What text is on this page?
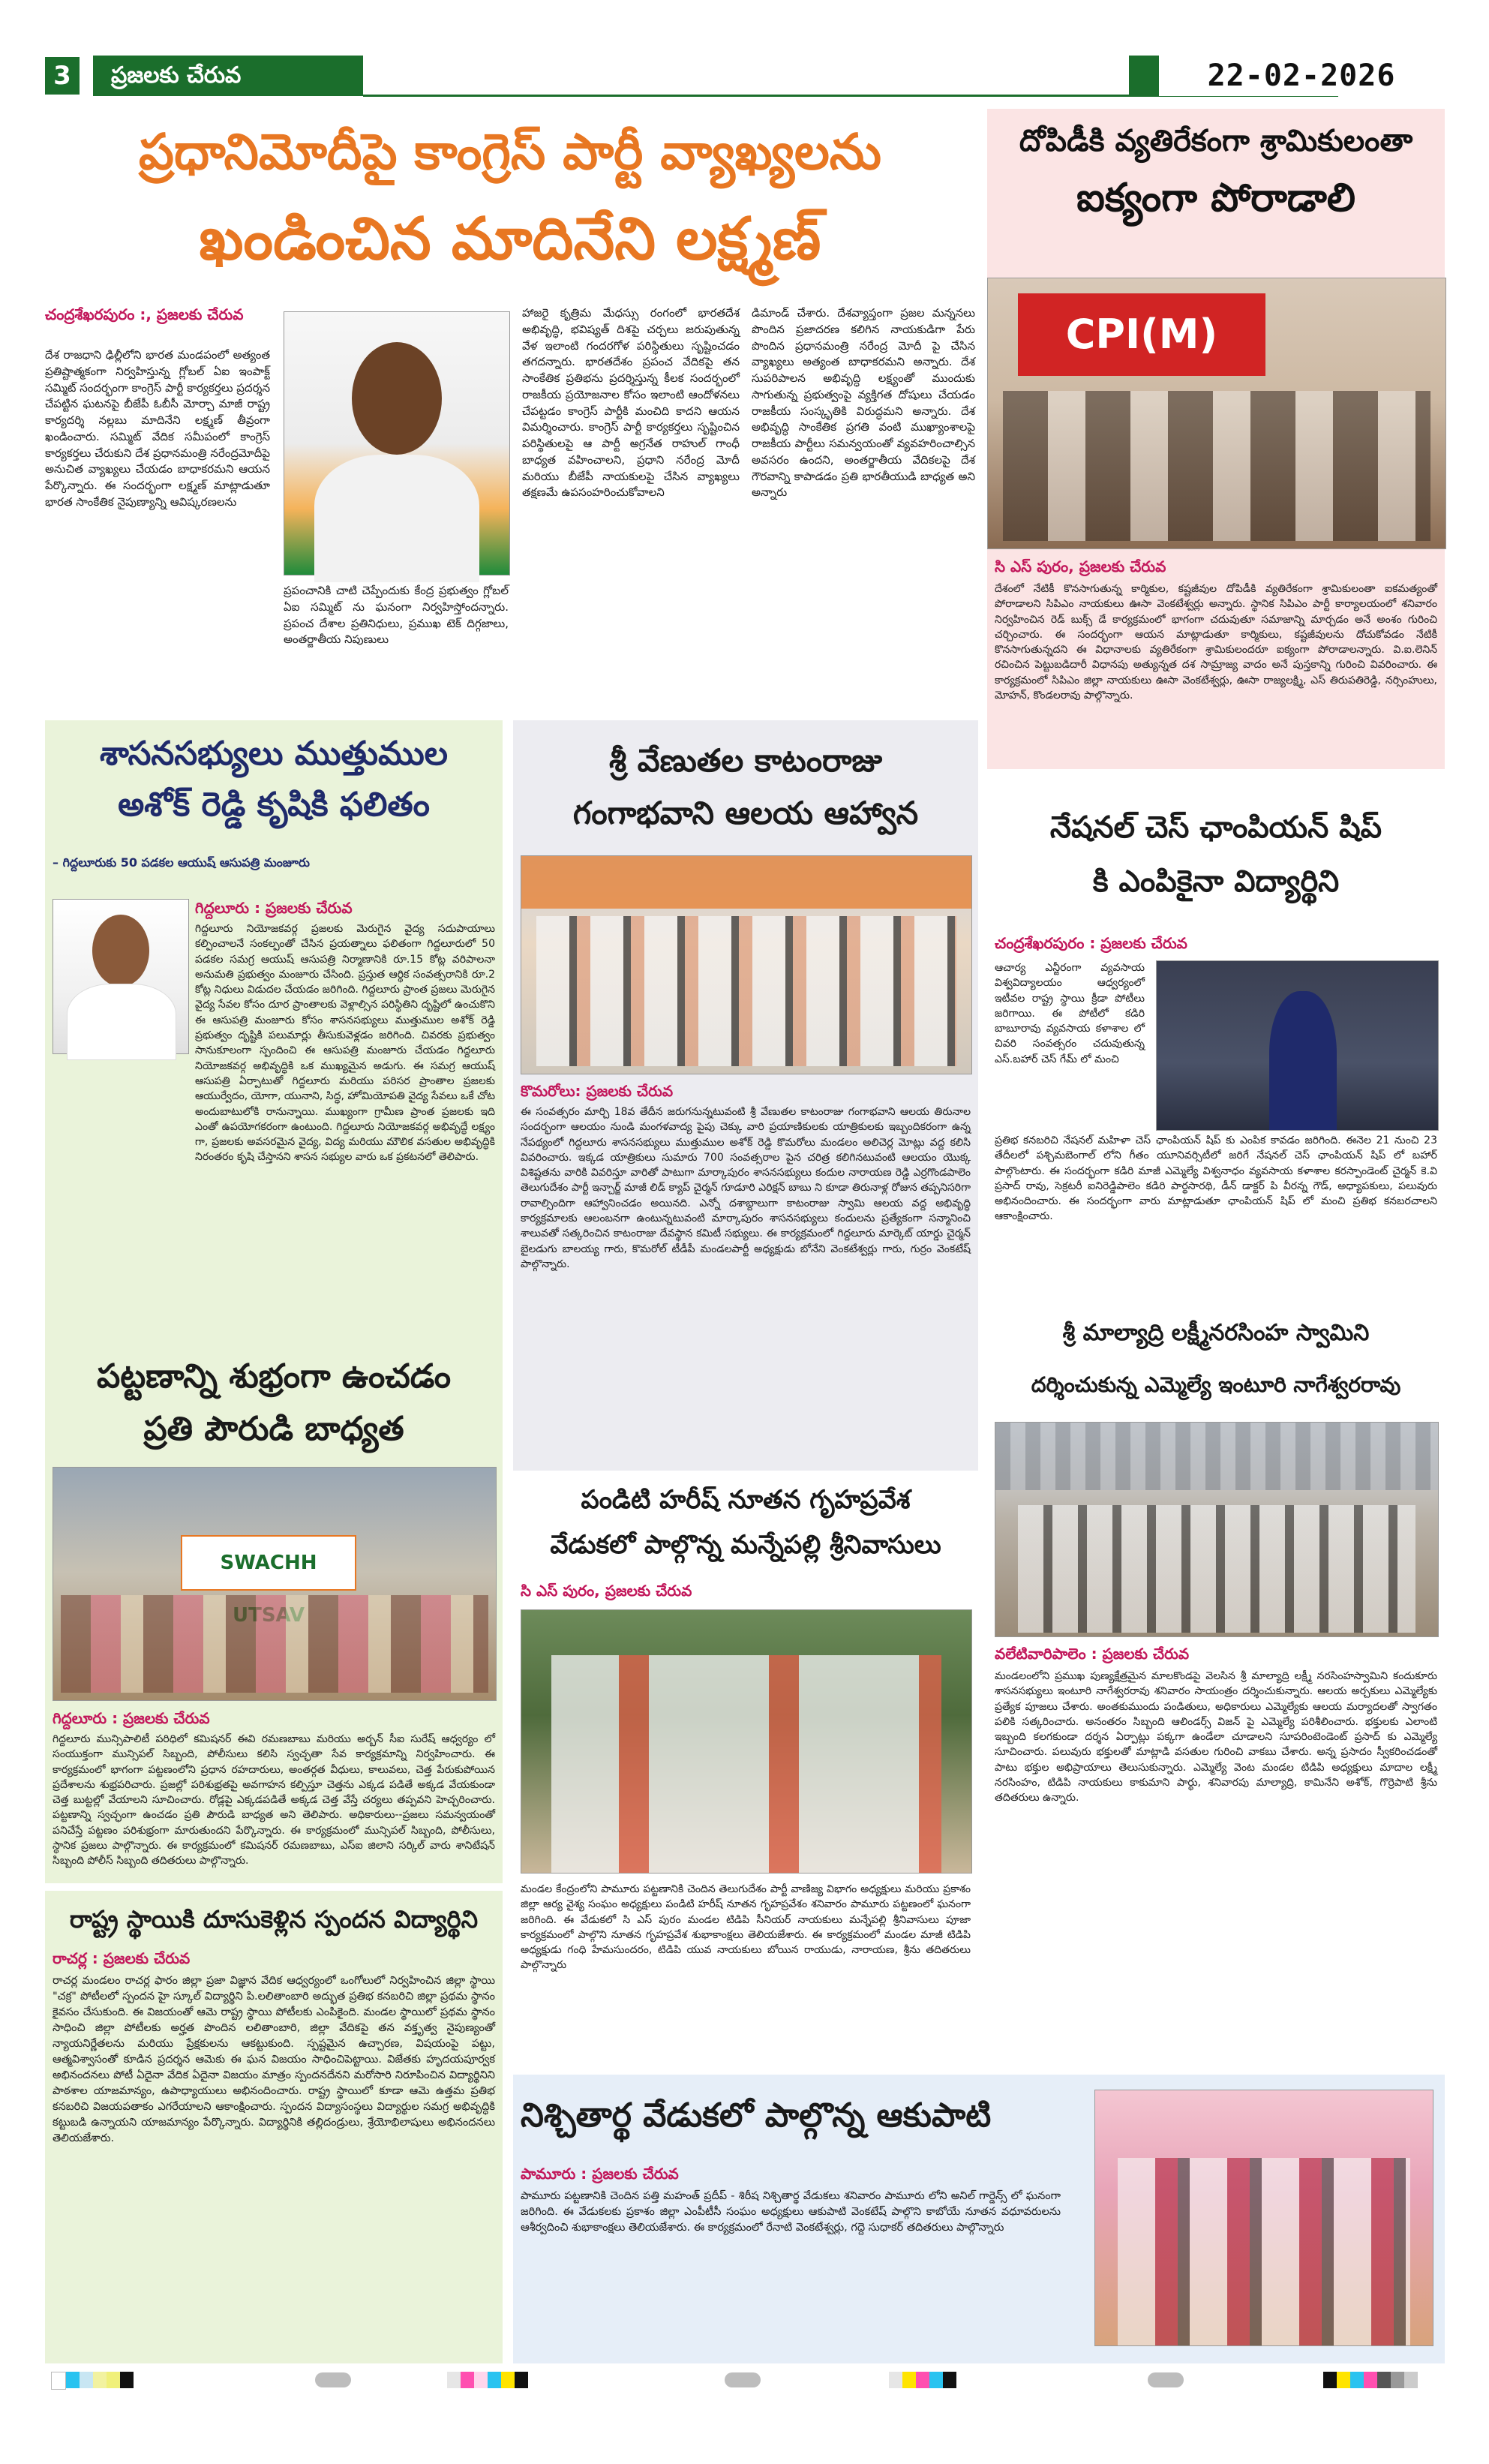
3	ప్రజలకు చేరువ	22-02-2026
ప్రధానిమోదీపై కాంగ్రెస్ పార్టీ వ్యాఖ్యలను
ఖండించిన మాదినేని లక్ష్మణ్
చంద్రశేఖరపురం :, ప్రజలకు చేరువ
దేశ రాజధాని ఢిల్లీలోని భారత మండపంలో అత్యంత ప్రతిష్టాత్మకంగా నిర్వహిస్తున్న గ్లోబల్ ఏఐ ఇంపాక్ట్ సమ్మిట్ సందర్భంగా కాంగ్రెస్ పార్టీ కార్యకర్తలు ప్రదర్శన చేపట్టిన ఘటనపై బీజేపీ ఓబీసీ మోర్చా మాజీ రాష్ట్ర కార్యదర్శి నల్లబు మాదినేని లక్ష్మణ్ తీవ్రంగా ఖండించారు. సమ్మిట్ వేదిక సమీపంలో కాంగ్రెస్ కార్యకర్తలు చేరుకుని దేశ ప్రధానమంత్రి నరేంద్రమోదీపై అనుచిత వ్యాఖ్యలు చేయడం బాధాకరమని ఆయన పేర్కొన్నారు. ఈ సందర్భంగా లక్ష్మణ్ మాట్లాడుతూ భారత సాంకేతిక నైపుణ్యాన్ని ఆవిష్కరణలను
ప్రపంచానికి చాటి చెప్పేందుకు కేంద్ర ప్రభుత్వం గ్లోబల్ ఏఐ సమ్మిట్ ను ఘనంగా నిర్వహిస్తోందన్నారు. ప్రపంచ దేశాల ప్రతినిధులు, ప్రముఖ టెక్ దిగ్గజాలు, అంతర్జాతీయ నిపుణులు
హాజరై కృత్రిమ మేధస్సు రంగంలో భారతదేశ అభివృద్ధి, భవిష్యత్ దిశపై చర్చలు జరుపుతున్న వేళ ఇలాంటి గందరగోళ పరిస్థితులు సృష్టించడం తగదన్నారు. భారతదేశం ప్రపంచ వేదికపై తన సాంకేతిక ప్రతిభను ప్రదర్శిస్తున్న కీలక సందర్భంలో రాజకీయ ప్రయోజనాల కోసం ఇలాంటి ఆందోళనలు చేపట్టడం కాంగ్రెస్ పార్టీకి మంచిది కాదని ఆయన విమర్శించారు. కాంగ్రెస్ పార్టీ కార్యకర్తలు సృష్టించిన పరిస్థితులపై ఆ పార్టీ అగ్రనేత రాహుల్ గాంధీ బాధ్యత వహించాలని, ప్రధాని నరేంద్ర మోదీ మరియు బీజేపీ నాయకులపై చేసిన వ్యాఖ్యలు తక్షణమే ఉపసంహరించుకోవాలని
డిమాండ్ చేశారు. దేశవ్యాప్తంగా ప్రజల మన్ననలు పొందిన ప్రజాదరణ కలిగిన నాయకుడిగా పేరు పొందిన ప్రధానమంత్రి నరేంద్ర మోదీ పై చేసిన వ్యాఖ్యలు అత్యంత బాధాకరమని అన్నారు. దేశ సుపరిపాలన అభివృద్ధి లక్ష్యంతో ముందుకు సాగుతున్న ప్రభుత్వంపై వ్యక్తిగత దోషులు చేయడం రాజకీయ సంస్కృతికి విరుద్ధమని అన్నారు. దేశ అభివృద్ధి సాంకేతిక ప్రగతి వంటి ముఖ్యాంశాలపై రాజకీయ పార్టీలు సమన్వయంతో వ్యవహరించాల్సిన అవసరం ఉందని, అంతర్జాతీయ వేదికలపై దేశ గౌరవాన్ని కాపాడడం ప్రతి భారతీయుడి బాధ్యత అని అన్నారు
దోపిడీకి వ్యతిరేకంగా శ్రామికులంతా
ఐక్యంగా పోరాడాలి
CPI(M)
సి ఎస్ పురం, ప్రజలకు చేరువ
దేశంలో నేటికీ కొనసాగుతున్న కార్మికుల, కష్టజీవుల దోపిడీకి వ్యతిరేకంగా శ్రామికులంతా ఐకమత్యంతో పోరాడాలని సిపిఎం నాయకులు ఊసా వెంకటేశ్వర్లు అన్నారు. స్థానిక సిపిఎం పార్టీ కార్యాలయంలో శనివారం నిర్వహించిన రెడ్ బుక్స్ డే కార్యక్రమంలో భాగంగా చదువుతూ సమాజాన్ని మార్చడం అనే అంశం గురించి చర్చించారు. ఈ సందర్భంగా ఆయన మాట్లాడుతూ కార్మికులు, కష్టజీవులను దోచుకోవడం నేటికీ కొనసాగుతున్నదని ఈ విధానాలకు వ్యతిరేకంగా శ్రామికులందరూ ఐక్యంగా పోరాడాలన్నారు. వి.ఐ.లెనిన్ రచించిన పెట్టుబడిదారీ విధానపు అత్యున్నత దశ సామ్రాజ్య వాదం అనే పుస్తకాన్ని గురించి వివరించారు. ఈ కార్యక్రమంలో సిపిఎం జిల్లా నాయకులు ఊసా వెంకటేశ్వర్లు, ఊసా రాజ్యలక్ష్మి, ఎస్ తిరుపతిరెడ్డి, నర్సింహులు, మోహన్, కొండలరావు పాల్గొన్నారు.
శాసనసభ్యులు ముత్తుముల
అశోక్ రెడ్డి కృషికి ఫలితం
– గిద్దలూరుకు 50 పడకల ఆయుష్ ఆసుపత్రి మంజూరు
గిద్దలూరు : ప్రజలకు చేరువ
గిద్దలూరు నియోజకవర్గ ప్రజలకు మెరుగైన వైద్య సదుపాయాలు కల్పించాలనే సంకల్పంతో చేసిన ప్రయత్నాలు ఫలితంగా గిద్దలూరులో 50 పడకల సమగ్ర ఆయుష్ ఆసుపత్రి నిర్మాణానికి రూ.15 కోట్ల వరిపాలనా అనుమతి ప్రభుత్వం మంజూరు చేసింది. ప్రస్తుత ఆర్థిక సంవత్సరానికి రూ.2 కోట్ల నిధులు విడుదల చేయడం జరిగింది. గిద్దలూరు ప్రాంత ప్రజలు మెరుగైన వైద్య సేవల కోసం దూర ప్రాంతాలకు వెళ్లాల్సిన పరిస్థితిని దృష్టిలో ఉంచుకొని ఈ ఆసుపత్రి మంజూరు కోసం శాసనసభ్యులు ముత్తుముల అశోక్ రెడ్డి ప్రభుత్వం దృష్టికి పలుమార్లు తీసుకువెళ్లడం జరిగింది. చివరకు ప్రభుత్వం సానుకూలంగా స్పందించి ఈ ఆసుపత్రి మంజూరు చేయడం గిద్దలూరు నియోజకవర్గ అభివృద్ధికి ఒక ముఖ్యమైన అడుగు. ఈ సమగ్ర ఆయుష్ ఆసుపత్రి ఏర్పాటుతో గిద్దలూరు మరియు పరిసర ప్రాంతాల ప్రజలకు ఆయుర్వేదం, యోగా, యునాని, సిద్ధ, హోమియోపతి వైద్య సేవలు ఒకే చోట అందుబాటులోకి రానున్నాయి. ముఖ్యంగా గ్రామీణ ప్రాంత ప్రజలకు ఇది ఎంతో ఉపయోగకరంగా ఉంటుంది. గిద్దలూరు నియోజకవర్గ అభివృద్ధే లక్ష్యం గా, ప్రజలకు అవసరమైన వైద్య, విద్య మరియు మౌలిక వసతుల అభివృద్ధికి నిరంతరం కృషి చేస్తానని శాసన సభ్యుల వారు ఒక ప్రకటనలో తెలిపారు.
పట్టణాన్ని శుభ్రంగా ఉంచడం
ప్రతి పౌరుడి బాధ్యత
SWACHH
గిద్దలూరు : ప్రజలకు చేరువ
గిద్దలూరు మున్సిపాలిటీ పరిధిలో కమిషనర్ ఈవి రమణబాబు మరియు అర్బన్ సీఐ సురేష్ ఆధ్వర్యం లో సంయుక్తంగా మున్సిపల్ సిబ్బంది, పోలీసులు కలిసి స్వచ్ఛతా సేవ కార్యక్రమాన్ని నిర్వహించారు. ఈ కార్యక్రమంలో భాగంగా పట్టణంలోని ప్రధాన రహదారులు, అంతర్గత వీధులు, కాలువలు, చెత్త పేరుకుపోయిన ప్రదేశాలను శుభ్రపరిచారు. ప్రజల్లో పరిశుభ్రతపై అవగాహన కల్పిస్తూ చెత్తను ఎక్కడ పడితే అక్కడ వేయకుండా చెత్త బుట్టల్లో వేయాలని సూచించారు. రోడ్లపై ఎక్కడపడితే అక్కడ చెత్త వేస్తే చర్యలు తప్పవని హెచ్చరించారు. పట్టణాన్ని స్వచ్ఛంగా ఉంచడం ప్రతి పౌరుడి బాధ్యత అని తెలిపారు. అధికారులు--ప్రజలు సమన్వయంతో పనిచేస్తే పట్టణం పరిశుభ్రంగా మారుతుందని పేర్కొన్నారు. ఈ కార్యక్రమంలో మున్సిపల్ సిబ్బంది, పోలీసులు, స్థానిక ప్రజలు పాల్గొన్నారు. ఈ కార్యక్రమంలో కమిషనర్ రమణబాబు, ఎస్ఐ జిలాని సర్కిల్ వారు శానిటేషన్ సిబ్బంది పోలీస్ సిబ్బంది తదితరులు పాల్గొన్నారు.
రాష్ట్ర స్థాయికి దూసుకెళ్లిన స్పందన విద్యార్థిని
రాచర్ల : ప్రజలకు చేరువ
రాచర్ల మండలం రాచర్ల ఫారం జిల్లా ప్రజా విజ్ఞాన వేదిక ఆధ్వర్యంలో ఒంగోలులో నిర్వహించిన జిల్లా స్థాయి "చక్ర" పోటీలలో స్పందన హై స్కూల్ విద్యార్థిని పి.లలితాంబారి అద్భుత ప్రతిభ కనబరిచి జిల్లా ప్రథమ స్థానం కైవసం చేసుకుంది. ఈ విజయంతో ఆమె రాష్ట్ర స్థాయి పోటీలకు ఎంపికైంది. మండల స్థాయిలో ప్రథమ స్థానం సాధించి జిల్లా పోటీలకు అర్హత పొందిన లలితాంబారి, జిల్లా వేదికపై తన వక్తృత్వ నైపుణ్యంతో న్యాయనిర్ణేతలను మరియు ప్రేక్షకులను ఆకట్టుకుంది. స్పష్టమైన ఉచ్చారణ, విషయంపై పట్టు, ఆత్మవిశ్వాసంతో కూడిన ప్రదర్శన ఆమెకు ఈ ఘన విజయం సాధించిపెట్టాయి. విజేతకు హృదయపూర్వక అభినందనలు పోటీ ఏదైనా వేదిక ఏదైనా విజయం మాత్రం స్పందనదేనని మరోసారి నిరూపించిన విద్యార్థినిని పాఠశాల యాజమాన్యం, ఉపాధ్యాయులు అభినందించారు. రాష్ట్ర స్థాయిలో కూడా ఆమె ఉత్తమ ప్రతిభ కనబరిచి విజయపతాకం ఎగరేయాలని ఆకాంక్షించారు. స్పందన విద్యాసంస్థలు విద్యార్థుల సమగ్ర అభివృద్ధికి కట్టుబడి ఉన్నాయని యాజమాన్యం పేర్కొన్నారు. విద్యార్థినికి తల్లిదండ్రులు, శ్రేయోభిలాషులు అభినందనలు తెలియజేశారు.
శ్రీ వేణుతల కాటంరాజు
గంగాభవాని ఆలయ ఆహ్వాన
కొమరోలు: ప్రజలకు చేరువ
ఈ సంవత్సరం మార్చి 18వ తేదీన జరుగనున్నటువంటి శ్రీ వేణుతల కాటంరాజు గంగాభవాని ఆలయ తిరునాల సందర్భంగా ఆలయం నుండి మంగళవాద్య పైపు చెక్కు వారి ప్రయాణికులకు యాత్రికులకు ఇబ్బందికరంగా ఉన్న నేపథ్యంలో గిద్దలూరు శాసనసభ్యులు ముత్తుముల అశోక్ రెడ్డి కొమరోలు మండలం అలిచెర్ల మోట్లు వద్ద కలిసి వివరించారు. ఇక్కడ యాత్రికులు సుమారు 700 సంవత్సరాల పైన చరిత్ర కలిగినటువంటి ఆలయం యొక్క విశిష్టతను వారికి వివరిస్తూ వారితో పాటుగా మార్కాపురం శాసనసభ్యులు కందుల నారాయణ రెడ్డి ఎర్రగొండపాలెం తెలుగుదేశం పార్టీ ఇన్చార్జ్ మాజీ లిడ్ క్యాప్ చైర్మన్ గూడూరి ఎరిక్షన్ బాబు ని కూడా తిరునాళ్ల రోజున తప్పనిసరిగా రావాల్సిందిగా ఆహ్వానించడం అయినది. ఎన్నో దశాబ్దాలుగా కాటంరాజు స్వామి ఆలయ వద్ద అభివృద్ధి కార్యక్రమాలకు ఆలంబనగా ఉంటున్నటువంటి మార్కాపురం శాసనసభ్యులు కందులను ప్రత్యేకంగా సన్మానించి శాలువతో సత్కరించిన కాటంరాజు దేవస్థాన కమిటీ సభ్యులు. ఈ కార్యక్రమంలో గిద్దలూరు మార్కెట్ యార్డు చైర్మన్ బైలడుగు బాలయ్య గారు, కొమరోల్ టీడీపీ మండలపార్టీ అధ్యక్షుడు బోనేని వెంకటేశ్వర్లు గారు, గుర్రం వెంకటేష్ పాల్గొన్నారు.
పండిటి హరీష్ నూతన గృహప్రవేశ
వేడుకలో పాల్గొన్న మన్నేపల్లి శ్రీనివాసులు
సి ఎస్ పురం, ప్రజలకు చేరువ
మండల కేంద్రంలోని పామూరు పట్టణానికి చెందిన తెలుగుదేశం పార్టీ వాణిజ్య విభాగం అధ్యక్షులు మరియు ప్రకాశం జిల్లా ఆర్య వైశ్య సంఘం అధ్యక్షులు పండిటి హరీష్ నూతన గృహప్రవేశం శనివారం పామూరు పట్టణంలో ఘనంగా జరిగింది. ఈ వేడుకలో సి ఎస్ పురం మండల టిడిపి సీనియర్ నాయకులు మన్నేపల్లి శ్రీనివాసులు పూజా కార్యక్రమంలో పాల్గొని నూతన గృహప్రవేశ శుభాకాంక్షలు తెలియజేశారు. ఈ కార్యక్రమంలో మండల మాజీ టిడిపి అధ్యక్షుడు గంధి హేమసుందరం, టిడిపి యువ నాయకులు బోయిన రాయుడు, నారాయణ, శ్రీను తదితరులు పాల్గొన్నారు
నేషనల్ చెస్ ఛాంపియన్ షిప్
కి ఎంపికైనా విద్యార్థిని
చంద్రశేఖరపురం : ప్రజలకు చేరువ
ఆచార్య ఎన్జీరంగా వ్యవసాయ విశ్వవిద్యాలయం ఆధ్వర్యంలో ఇటీవల రాష్ట్ర స్థాయి క్రీడా పోటీలు జరిగాయి. ఈ పోటీలో కడిరి బాబూరావు వ్యవసాయ కళాశాల లో చివరి సంవత్సరం చదువుతున్న ఎస్.బహార్ చెస్ గేమ్ లో మంచి
ప్రతిభ కనబరిచి నేషనల్ మహిళా చెస్ ఛాంపియన్ షిప్ కు ఎంపిక కావడం జరిగింది. ఈనెల 21 నుంచి 23 తేదీలలో పశ్చిమబెంగాల్ లోని గీతం యూనివర్సిటీలో జరిగే నేషనల్ చెస్ ఛాంపియన్ షిప్ లో బహార్ పాల్గొంటారు. ఈ సందర్భంగా కడిరి మాజీ ఎమ్మెల్యే విశ్వనాధం వ్యవసాయ కళాశాల కరస్పాండెంట్ చైర్మన్ కె.వి ప్రసాద్ రావు, సెక్రటరీ ఐనిరెడ్డిపాలెం కడిరి పార్థసారథి, డీన్ డాక్టర్ పి వీరన్న గౌడ్, అధ్యాపకులు, పలువురు అభినందించారు. ఈ సందర్భంగా వారు మాట్లాడుతూ ఛాంపియన్ షిప్ లో మంచి ప్రతిభ కనబరచాలని ఆకాంక్షించారు.
శ్రీ మాల్యాద్రి లక్ష్మీనరసింహ స్వామిని
దర్శించుకున్న ఎమ్మెల్యే ఇంటూరి నాగేశ్వరరావు
వలేటివారిపాలెం : ప్రజలకు చేరువ
మండలంలోని ప్రముఖ పుణ్యక్షేత్రమైన మాలకొండపై వెలసిన శ్రీ మాల్యాద్రి లక్ష్మీ నరసింహస్వామిని కందుకూరు శాసనసభ్యులు ఇంటూరి నాగేశ్వరరావు శనివారం సాయంత్రం దర్శించుకున్నారు. ఆలయ అర్చకులు ఎమ్మెల్యేకు ప్రత్యేక పూజలు చేశారు. అంతకుముందు పండితులు, అధికారులు ఎమ్మెల్యేకు ఆలయ మర్యాదలతో స్వాగతం పలికి సత్కరించారు. అనంతరం సిబ్బంది ఆలిండర్స్ విజన్ పై ఎమ్మెల్యే పరిశీలించారు. భక్తులకు ఎలాంటి ఇబ్బంది కలగకుండా దర్శన ఏర్పాట్లు పక్కగా ఉండేలా చూడాలని సూపరింటెండెంట్ ప్రసాద్ కు ఎమ్మెల్యే సూచించారు. పలువురు భక్తులతో మాట్లాడి వసతుల గురించి వాకబు చేశారు. అన్న ప్రసాదం స్వీకరించడంతో పాటు భక్తుల అభిప్రాయాలు తెలుసుకున్నారు. ఎమ్మెల్యే వెంట మండల టిడిపి అధ్యక్షులు మాదాల లక్ష్మీ నరసింహం, టిడిపి నాయకులు కాకుమాని పార్థు, శనివారపు మాల్యాద్రి, కామినేని అశోక్, గొర్రెపాటి శ్రీను తదితరులు ఉన్నారు.
నిశ్చితార్థ వేడుకలో పాల్గొన్న ఆకుపాటి
పామూరు : ప్రజలకు చేరువ
పామూరు పట్టణానికి చెందిన పత్తి మహంత్ ప్రదీప్ - శిరీష నిశ్చితార్థ వేడుకలు శనివారం పామూరు లోని అనిల్ గార్డెన్స్ లో ఘనంగా జరిగింది. ఈ వేడుకలకు ప్రకాశం జిల్లా ఎంపీటీసీ సంఘం అధ్యక్షులు ఆకుపాటి వెంకటేష్ పాల్గొని కాబోయే నూతన వధూవరులను ఆశీర్వదించి శుభాకాంక్షలు తెలియజేశారు. ఈ కార్యక్రమంలో రేనాటి వెంకటేశ్వర్లు, గద్దె సుధాకర్ తదితరులు పాల్గొన్నారు
